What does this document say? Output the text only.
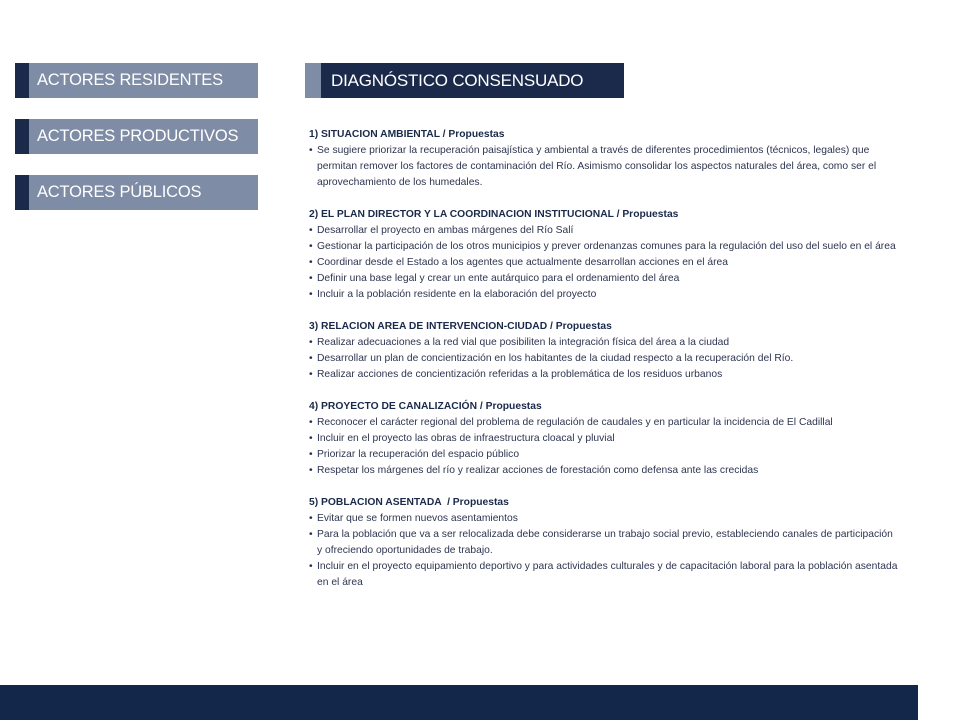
ACTORES RESIDENTES
ACTORES PRODUCTIVOS
ACTORES PÚBLICOS
DIAGNÓSTICO CONSENSUADO
1) SITUACION AMBIENTAL / Propuestas
• Se sugiere priorizar la recuperación paisajística y ambiental a través de diferentes procedimientos (técnicos, legales) que permitan remover los factores de contaminación del Río. Asimismo consolidar los aspectos naturales del área, como ser el aprovechamiento de los humedales.
2) EL PLAN DIRECTOR Y LA COORDINACION INSTITUCIONAL / Propuestas
• Desarrollar el proyecto en ambas márgenes del Río Salí
• Gestionar la participación de los otros municipios y prever ordenanzas comunes para la regulación del uso del suelo en el área
• Coordinar desde el Estado a los agentes que actualmente desarrollan acciones en el área
• Definir una base legal y crear un ente autárquico para el ordenamiento del área
• Incluir a la población residente en la elaboración del proyecto
3) RELACION AREA DE INTERVENCION-CIUDAD / Propuestas
• Realizar adecuaciones a la red vial que posibiliten la integración física del área a la ciudad
• Desarrollar un plan de concientización en los habitantes de la ciudad respecto a la recuperación del Río.
• Realizar acciones de concientización referidas a la problemática de los residuos urbanos
4) PROYECTO DE CANALIZACIÓN / Propuestas
• Reconocer el carácter regional del problema de regulación de caudales y en particular la incidencia de El Cadillal
• Incluir en el proyecto las obras de infraestructura cloacal y pluvial
• Priorizar la recuperación del espacio público
• Respetar los márgenes del río y realizar acciones de forestación como defensa ante las crecidas
5) POBLACION ASENTADA  / Propuestas
• Evitar que se formen nuevos asentamientos
• Para la población que va a ser relocalizada debe considerarse un trabajo social previo, estableciendo canales de participación y ofreciendo oportunidades de trabajo.
• Incluir en el proyecto equipamiento deportivo y para actividades culturales y de capacitación laboral para la población asentada en el área
